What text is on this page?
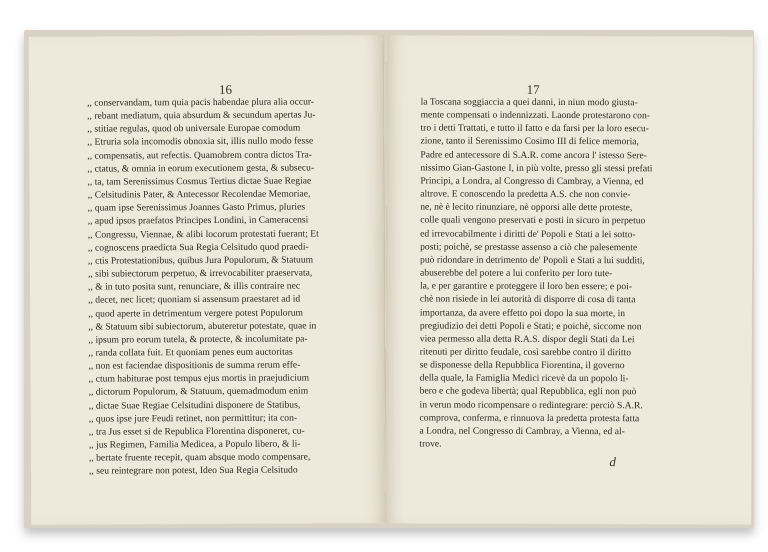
16
,, conservandam, tum quia pacis habendae plura alia occur-
,, rebant mediatum, quia absurdum & secundum apertas Ju-
,, stitiae regulas, quod ob universale Europae comodum
,, Etruria sola incomodis obnoxia sit, illis nullo modo fesse
,, compensatis, aut refectis. Quamobrem contra dictos Tra-
,, ctatus, & omnia in eorum executionem gesta, & subsecu-
,, ta, tam Serenissimus Cosmus Tertius dictae Suae Regiae
,, Celsitudinis Pater, & Antecessor Recolendae Memoriae,
,, quam ipse Serenissimus Joannes Gasto Primus, pluries
,, apud ipsos praefatos Principes Londini, in Cameracensi
,, Congressu, Viennae, & alibi locorum protestati fuerant; Et
,, cognoscens praedicta Sua Regia Celsitudo quod praedi-
,, ctis Protestationibus, quibus Jura Populorum, & Statuum
,, sibi subiectorum perpetuo, & irrevocabiliter praeservata,
,, & in tuto posita sunt, renunciare, & illis contraire nec
,, decet, nec licet; quoniam si assensum praestaret ad id
,, quod aperte in detrimentum vergere potest Populorum
,, & Statuum sibi subiectorum, abuteretur potestate, quae in
,, ipsum pro eorum tutela, & protecte, & incolumitate pa-
,, randa collata fuit. Et quoniam penes eum auctoritas
,, non est faciendae dispositionis de summa rerum effe-
,, ctum habiturae post tempus ejus mortis in praejudicium
,, dictorum Populorum, & Statuum, quemadmodum enim
,, dictae Suae Regiae Celsitudini disponere de Statibus,
,, quos ipse jure Feudi retinet, non permittitur; ita con-
,, tra Jus esset si de Republica Florentina disponeret, cu-
,, jus Regimen, Familia Medicea, a Populo libero, & li-
,, bertate fruente recepit, quam absque modo compensare,
,, seu reintegrare non potest, Ideo Sua Regia Celsitudo
17
la Toscana soggiaccia a quei danni, in niun modo giusta-
mente compensati o indennizzati. Laonde protestarono con-
tro i detti Trattati, e tutto il fatto e da farsi per la loro esecu-
zione, tanto il Serenissimo Cosimo III di felice memoria,
Padre ed antecessore di S.A.R. come ancora l' istesso Sere-
nissimo Gian-Gastone I, in più volte, presso gli stessi prefati
Principi, a Londra, al Congresso di Cambray, a Vienna, ed
altrove. E conoscendo la predetta A.S. che non convie-
ne, nè è lecito rinunziare, nè opporsi alle dette proteste,
colle quali vengono preservati e posti in sicuro in perpetuo
ed irrevocabilmente i diritti de' Popoli e Stati a lei sotto-
posti; poichè, se prestasse assenso a ciò che palesemente
può ridondare in detrimento de' Popoli e Stati a lui sudditi,
abuserebbe del potere a lui conferito per loro tute-
la, e per garantire e proteggere il loro ben essere; e poi-
chè non risiede in lei autorità di disporre di cosa di tanta
importanza, da avere effetto poi dopo la sua morte, in
pregiudizio dei detti Popoli e Stati; e poichè, siccome non
viea permesso alla detta R.A.S. dispor degli Stati da Lei
ritenuti per diritto feudale, così sarebbe contro il diritto
se disponesse della Repubblica Fiorentina, il governo
della quale, la Famiglia Medici ricevè da un popolo li-
bero e che godeva libertà; qual Repubblica, egli non può
in verun modo ricompensare o redintegrare: perciò S.A.R.
comprova, conferma, e rinnuova la predetta protesta fatta
a Londra, nel Congresso di Cambray, a Vienna, ed al-
trove.
d
